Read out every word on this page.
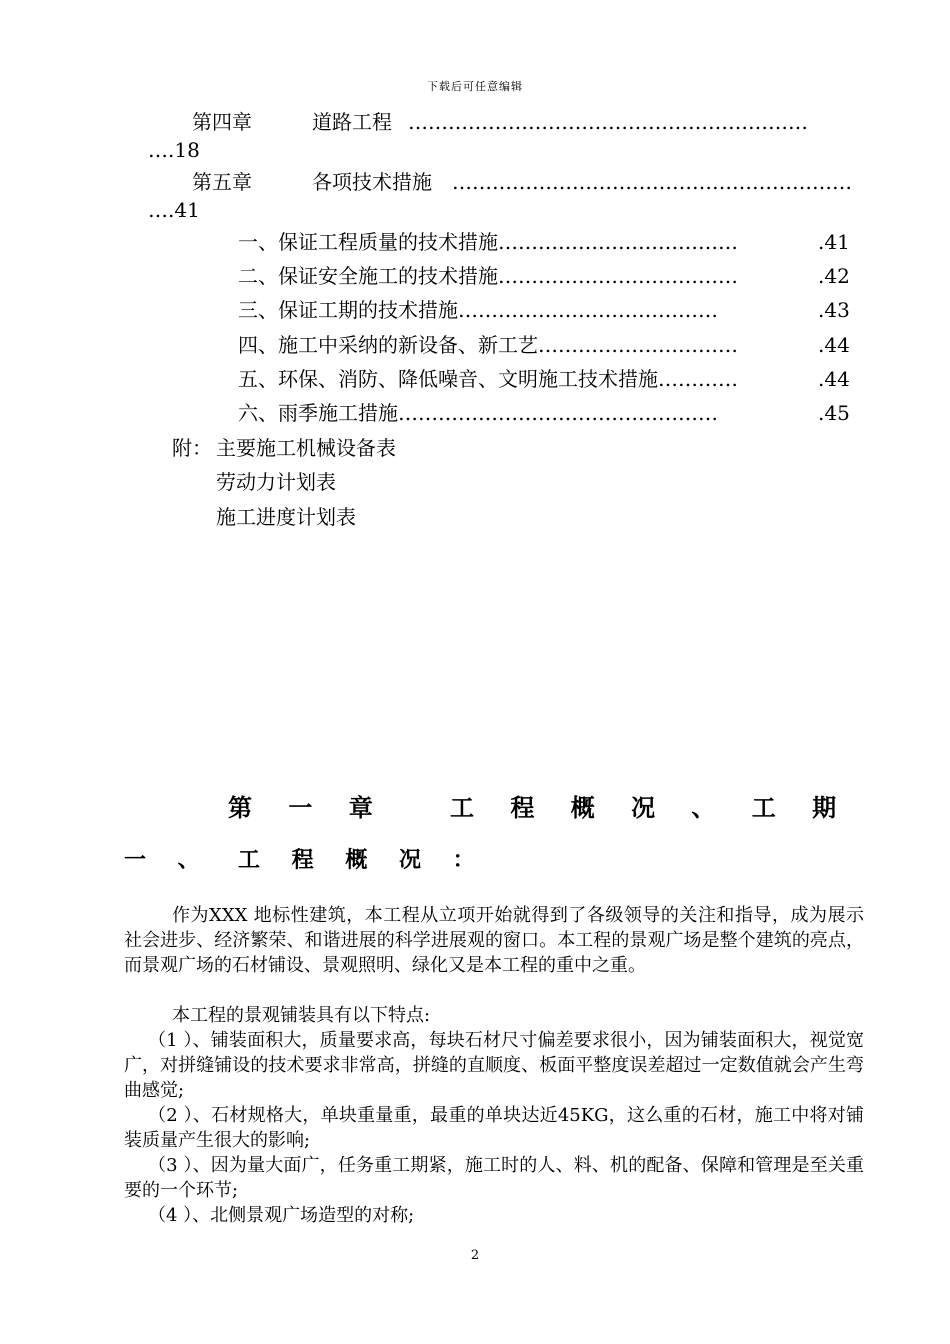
下载后可任意编辑
第四章	道路工程 ……………………………………………………
….18
第五章	各项技术措施 ……………………………………………………
….41
一、保证工程质量的技术措施………………………………	.41
二、保证安全施工的技术措施………………………………	.42
三、保证工期的技术措施…………………………………	.43
四、施工中采纳的新设备、新工艺…………………………	.44
五、环保、消防、降低噪音、文明施工技术措施…………	.44
六、雨季施工措施…………………………………………	.45
附： 主要施工机械设备表
劳动力计划表
施工进度计划表
第 一 章	工 程 概 况 、 工 期
一 、 工 程 概 况 ：
作为XXX 地标性建筑，本工程从立项开始就得到了各级领导的关注和指导，成为展示社会进步、经济繁荣、和谐进展的科学进展观的窗口。本工程的景观广场是整个建筑的亮点，而景观广场的石材铺设、景观照明、绿化又是本工程的重中之重。
本工程的景观铺装具有以下特点:
（1 ）、铺装面积大，质量要求高，每块石材尺寸偏差要求很小，因为铺装面积大，视觉宽广，对拼缝铺设的技术要求非常高，拼缝的直顺度、板面平整度误差超过一定数值就会产生弯曲感觉;
（2 ）、石材规格大，单块重量重，最重的单块达近45KG，这么重的石材，施工中将对铺装质量产生很大的影响;
（3 ）、因为量大面广，任务重工期紧，施工时的人、料、机的配备、保障和管理是至关重要的一个环节;
（4 ）、北侧景观广场造型的对称;
2
